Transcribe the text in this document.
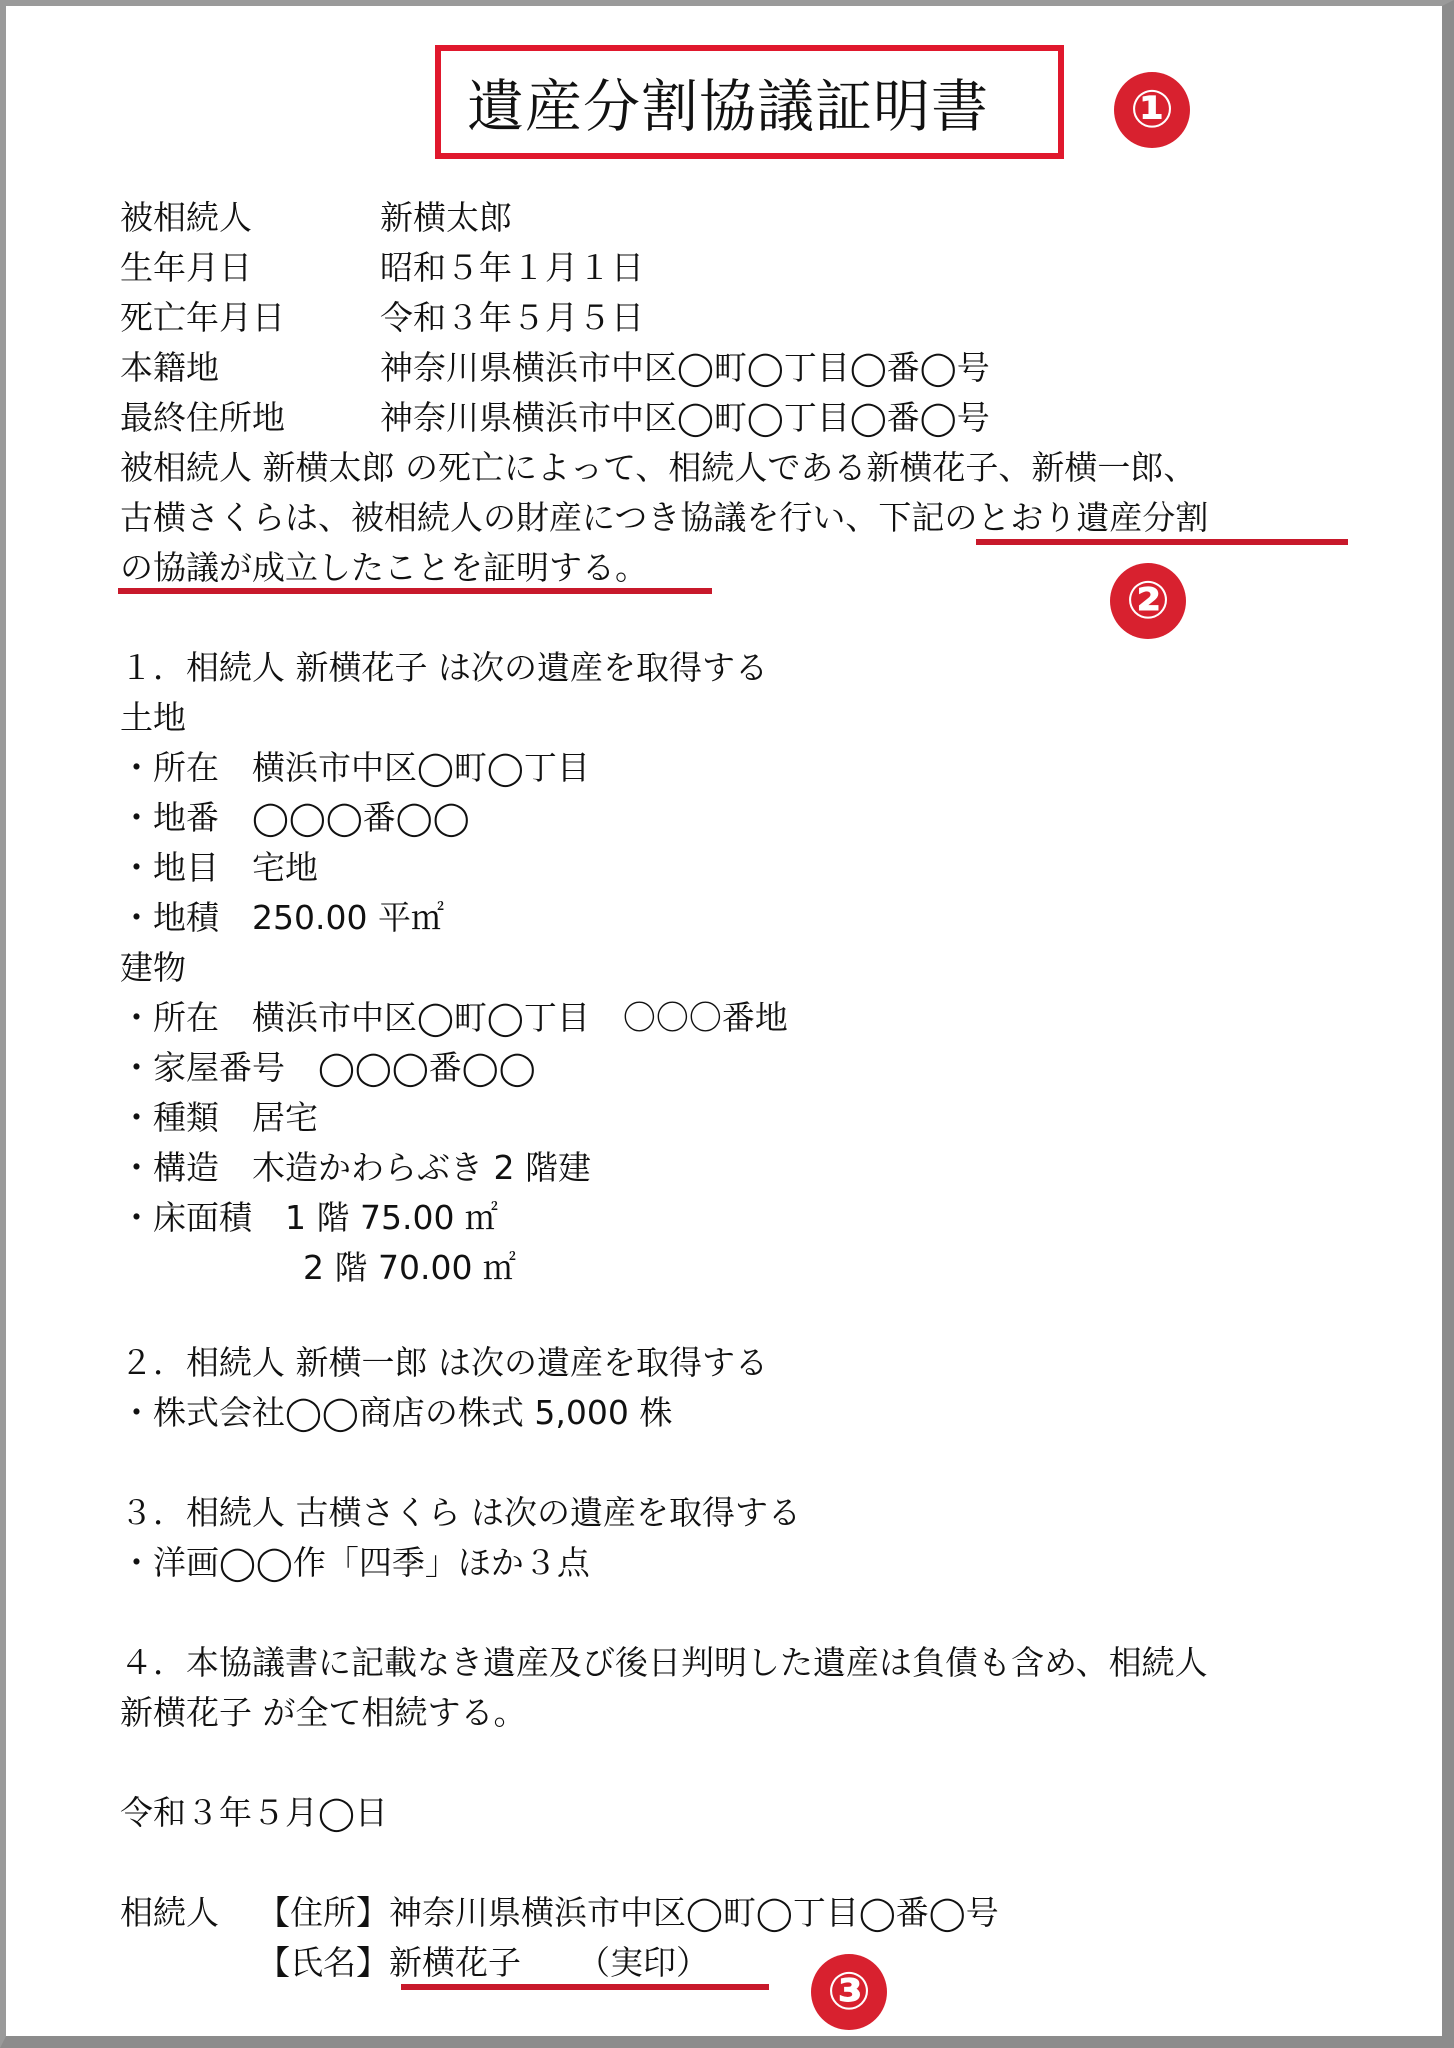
遺産分割協議証明書	①
被相続人	新横太郎
生年月日	昭和５年１月１日
死亡年月日	令和３年５月５日
本籍地	神奈川県横浜市中区◯町◯丁目◯番◯号
最終住所地	神奈川県横浜市中区◯町◯丁目◯番◯号
被相続人 新横太郎 の死亡によって、相続人である新横花子、新横一郎、
古横さくらは、被相続人の財産につき協議を行い、下記のとおり遺産分割
の協議が成立したことを証明する。
②
１．相続人 新横花子 は次の遺産を取得する
土地
・所在　横浜市中区◯町◯丁目
・地番　◯◯◯番◯◯
・地目　宅地
・地積　250.00 平㎡
建物
・所在　横浜市中区◯町◯丁目　〇〇〇番地
・家屋番号　◯◯◯番◯◯
・種類　居宅
・構造　木造かわらぶき 2 階建
・床面積　1 階 75.00 ㎡
2 階 70.00 ㎡
２．相続人 新横一郎 は次の遺産を取得する
・株式会社◯◯商店の株式 5,000 株
３．相続人 古横さくら は次の遺産を取得する
・洋画◯◯作「四季」ほか３点
４．本協議書に記載なき遺産及び後日判明した遺産は負債も含め、相続人
新横花子 が全て相続する。
令和３年５月◯日
相続人 【住所】神奈川県横浜市中区◯町◯丁目◯番◯号
【氏名】新横花子 （実印）	③
